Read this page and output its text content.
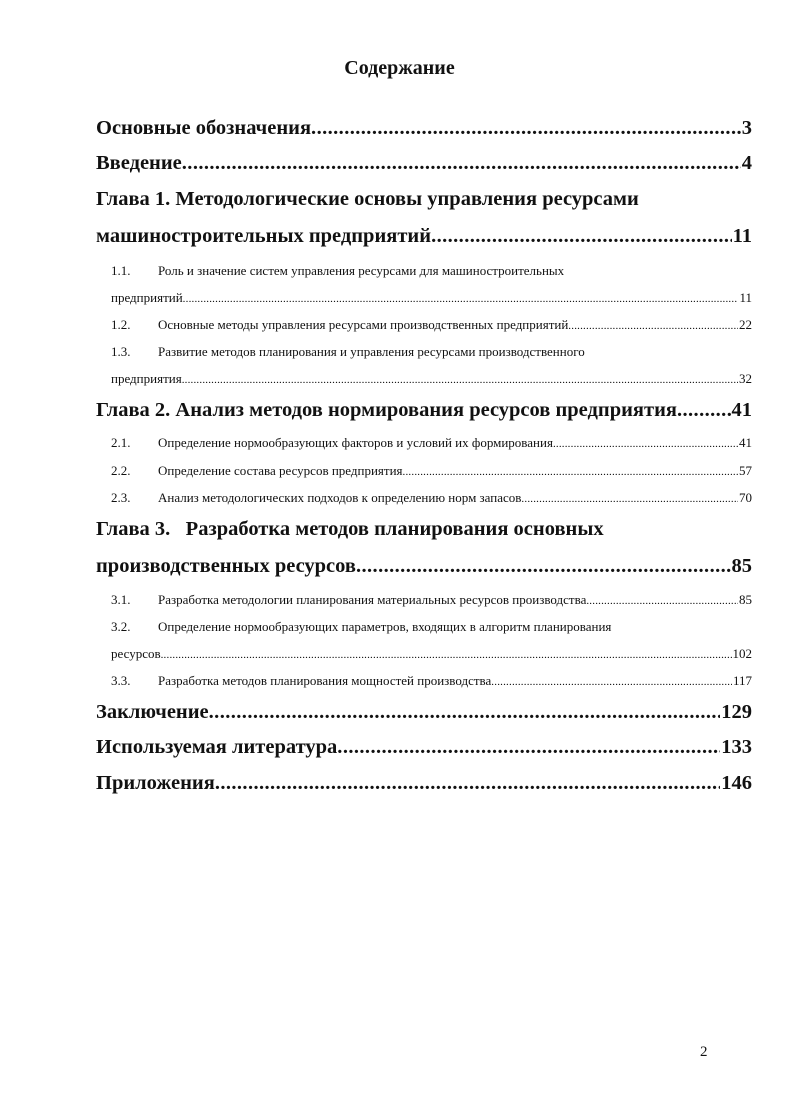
Содержание
Основные обозначения .....	3
Введение .....	4
Глава 1. Методологические основы управления ресурсами
машиностроительных предприятий .....	11
1.1. Роль и значение систем управления ресурсами для машиностроительных
предприятий .....	11
1.2. Основные методы управления ресурсами производственных предприятий .....	22
1.3. Развитие методов планирования и управления ресурсами производственного
предприятия .....	32
Глава 2. Анализ методов нормирования ресурсов предприятия .....	41
2.1. Определение нормообразующих факторов и условий их формирования .....	41
2.2. Определение состава ресурсов предприятия .....	57
2.3. Анализ методологических подходов к определению норм запасов .....	70
Глава 3.   Разработка методов планирования основных
производственных ресурсов .....	85
3.1. Разработка методологии планирования материальных ресурсов производства .....	85
3.2. Определение нормообразующих параметров, входящих в алгоритм планирования
ресурсов .....	102
3.3. Разработка методов планирования мощностей производства .....	117
Заключение .....	129
Используемая литература .....	133
Приложения .....	146
2
